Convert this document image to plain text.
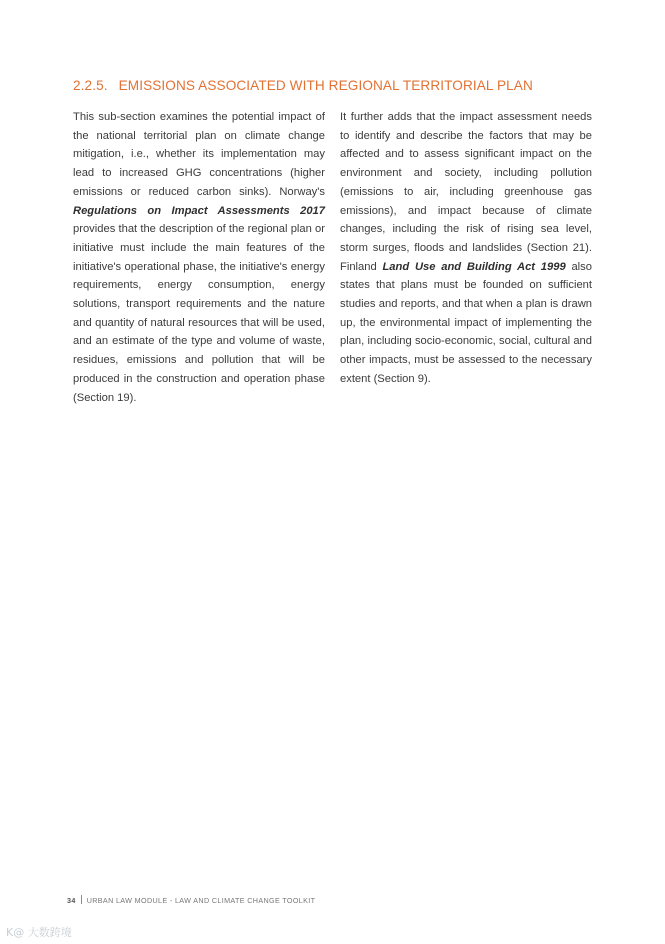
2.2.5. EMISSIONS ASSOCIATED WITH REGIONAL TERRITORIAL PLAN

This sub-section examines the potential impact of the national territorial plan on climate change mitigation, i.e., whether its implementation may lead to increased GHG concentrations (higher emissions or reduced carbon sinks). Norway's Regulations on Impact Assessments 2017 provides that the description of the regional plan or initiative must include the main features of the initiative's operational phase, the initiative's energy requirements, energy consumption, energy solutions, transport requirements and the nature and quantity of natural resources that will be used, and an estimate of the type and volume of waste, residues, emissions and pollution that will be produced in the construction and operation phase (Section 19).

It further adds that the impact assessment needs to identify and describe the factors that may be affected and to assess significant impact on the environment and society, including pollution (emissions to air, including greenhouse gas emissions), and impact because of climate changes, including the risk of rising sea level, storm surges, floods and landslides (Section 21). Finland Land Use and Building Act 1999 also states that plans must be founded on sufficient studies and reports, and that when a plan is drawn up, the environmental impact of implementing the plan, including socio-economic, social, cultural and other impacts, must be assessed to the necessary extent (Section 9).

34 URBAN LAW MODULE - LAW AND CLIMATE CHANGE TOOLKIT
K@ 大数跨境
